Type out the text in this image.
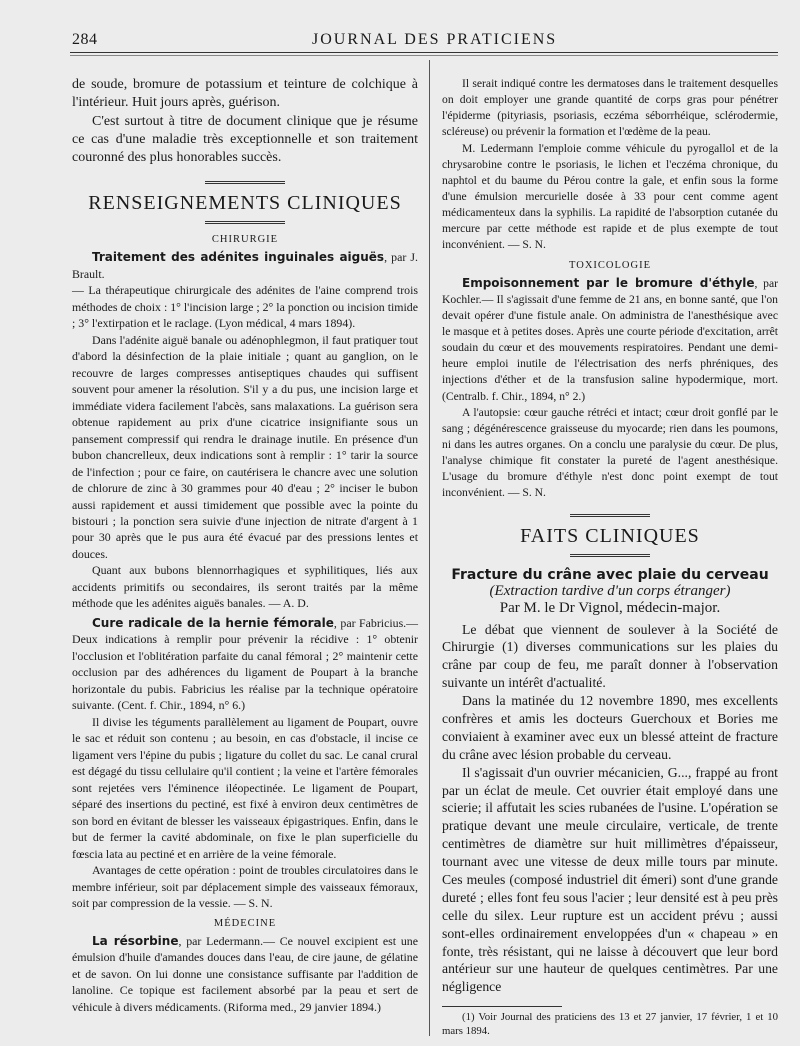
284	JOURNAL DES PRATICIENS

de soude, bromure de potassium et teinture de colchique à l'intérieur. Huit jours après, guérison.

C'est surtout à titre de document clinique que je résume ce cas d'une maladie très exceptionnelle et son traitement couronné des plus honorables succès.

RENSEIGNEMENTS CLINIQUES
CHIRURGIE

Traitement des adénites inguinales aiguës, par J. Brault.

— La thérapeutique chirurgicale des adénites de l'aine comprend trois méthodes de choix : 1° l'incision large ; 2° la ponction ou incision timide ; 3° l'extirpation et le raclage. (Lyon médical, 4 mars 1894).

Dans l'adénite aiguë banale ou adénophlegmon, il faut pratiquer tout d'abord la désinfection de la plaie initiale ; quant au ganglion, on le recouvre de larges compresses antiseptiques chaudes qui suffisent souvent pour amener la résolution. S'il y a du pus, une incision large et immédiate videra facilement l'abcès, sans malaxations. La guérison sera obtenue rapidement au prix d'une cicatrice insignifiante sous un pansement compressif qui rendra le drainage inutile. En présence d'un bubon chancrelleux, deux indications sont à remplir : 1° tarir la source de l'infection ; pour ce faire, on cautérisera le chancre avec une solution de chlorure de zinc à 30 grammes pour 40 d'eau ; 2° inciser le bubon aussi rapidement et aussi timidement que possible avec la pointe du bistouri ; la ponction sera suivie d'une injection de nitrate d'argent à 1 pour 30 après que le pus aura été évacué par des pressions lentes et douces.

Quant aux bubons blennorrhagiques et syphilitiques, liés aux accidents primitifs ou secondaires, ils seront traités par la même méthode que les adénites aiguës banales. — A. D.

Cure radicale de la hernie fémorale, par Fabricius.—Deux indications à remplir pour prévenir la récidive : 1° obtenir l'occlusion et l'oblitération parfaite du canal fémoral ; 2° maintenir cette occlusion par des adhérences du ligament de Poupart à la branche horizontale du pubis. Fabricius les réalise par la technique opératoire suivante. (Cent. f. Chir., 1894, n° 6.)

Il divise les téguments parallèlement au ligament de Poupart, ouvre le sac et réduit son contenu ; au besoin, en cas d'obstacle, il incise ce ligament vers l'épine du pubis ; ligature du collet du sac. Le canal crural est dégagé du tissu cellulaire qu'il contient ; la veine et l'artère fémorales sont rejetées vers l'éminence iléopectinée. Le ligament de Poupart, séparé des insertions du pectiné, est fixé à environ deux centimètres de son bord en évitant de blesser les vaisseaux épigastriques. Enfin, dans le but de fermer la cavité abdominale, on fixe le plan superficielle du fœscia lata au pectiné et en arrière de la veine fémorale.

Avantages de cette opération : point de troubles circulatoires dans le membre inférieur, soit par déplacement simple des vaisseaux fémoraux, soit par compression de la vessie. — S. N.

MÉDECINE

La résorbine, par Ledermann.— Ce nouvel excipient est une émulsion d'huile d'amandes douces dans l'eau, de cire jaune, de gélatine et de savon. On lui donne une consistance suffisante par l'addition de lanoline. Ce topique est facilement absorbé par la peau et sert de véhicule à divers médicaments. (Riforma med., 29 janvier 1894.)

Il serait indiqué contre les dermatoses dans le traitement desquelles on doit employer une grande quantité de corps gras pour pénétrer l'épiderme (pityriasis, psoriasis, eczéma séborrhéique, sclérodermie, scléreuse) ou prévenir la formation et l'œdème de la peau.

M. Ledermann l'emploie comme véhicule du pyrogallol et de la chrysarobine contre le psoriasis, le lichen et l'eczéma chronique, du naphtol et du baume du Pérou contre la gale, et enfin sous la forme d'une émulsion mercurielle dosée à 33 pour cent comme agent médicamenteux dans la syphilis. La rapidité de l'absorption cutanée du mercure par cette méthode est rapide et de plus exempte de tout inconvénient. — S. N.

TOXICOLOGIE

Empoisonnement par le bromure d'éthyle, par Kochler.— Il s'agissait d'une femme de 21 ans, en bonne santé, que l'on devait opérer d'une fistule anale. On administra de l'anesthésique avec le masque et à petites doses. Après une courte période d'excitation, arrêt soudain du cœur et des mouvements respiratoires. Pendant une demi-heure emploi inutile de l'électrisation des nerfs phréniques, des injections d'éther et de la transfusion saline hypodermique, mort. (Centralb. f. Chir., 1894, n° 2.)

A l'autopsie: cœur gauche rétréci et intact; cœur droit gonflé par le sang ; dégénérescence graisseuse du myocarde; rien dans les poumons, ni dans les autres organes. On a conclu une paralysie du cœur. De plus, l'analyse chimique fit constater la pureté de l'agent anesthésique. L'usage du bromure d'éthyle n'est donc point exempt de tout inconvénient. — S. N.

FAITS CLINIQUES
Fracture du crâne avec plaie du cerveau
(Extraction tardive d'un corps étranger)
Par M. le Dr Vignol, médecin-major.

Le débat que viennent de soulever à la Société de Chirurgie (1) diverses communications sur les plaies du crâne par coup de feu, me paraît donner à l'observation suivante un intérêt d'actualité.

Dans la matinée du 12 novembre 1890, mes excellents confrères et amis les docteurs Guerchoux et Bories me conviaient à examiner avec eux un blessé atteint de fracture du crâne avec lésion probable du cerveau.

Il s'agissait d'un ouvrier mécanicien, G..., frappé au front par un éclat de meule. Cet ouvrier était employé dans une scierie; il affutait les scies rubanées de l'usine. L'opération se pratique devant une meule circulaire, verticale, de trente centimètres de diamètre sur huit millimètres d'épaisseur, tournant avec une vitesse de deux mille tours par minute. Ces meules (composé industriel dit émeri) sont d'une grande dureté ; elles font feu sous l'acier ; leur densité est à peu près celle du silex. Leur rupture est un accident prévu ; aussi sont-elles ordinairement enveloppées d'un « chapeau » en fonte, très résistant, qui ne laisse à découvert que leur bord antérieur sur une hauteur de quelques centimètres. Par une négligence

(1) Voir Journal des praticiens des 13 et 27 janvier, 17 février, 1 et 10 mars 1894.
